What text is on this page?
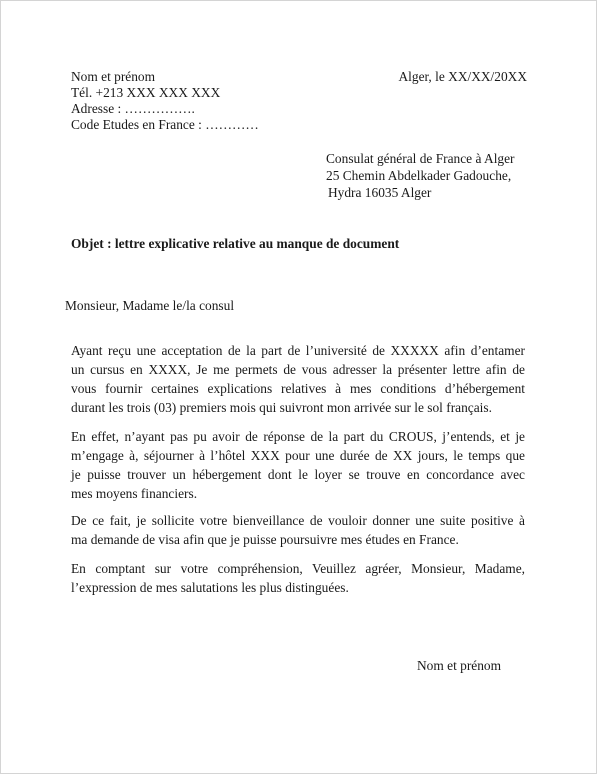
Nom et prénom
Tél. +213 XXX XXX XXX
Adresse : …………….
Code Etudes en France : …………
Alger, le XX/XX/20XX
Consulat général de France à Alger
25 Chemin Abdelkader Gadouche,
Hydra 16035 Alger
Objet : lettre explicative relative au manque de document
Monsieur, Madame le/la consul
Ayant reçu une acceptation de la part de l’université de XXXXX afin d’entamer
un cursus en XXXX, Je me permets de vous adresser la présenter lettre afin de
vous fournir certaines explications relatives à mes conditions d’hébergement
durant les trois (03) premiers mois qui suivront mon arrivée sur le sol français.
En effet, n’ayant pas pu avoir de réponse de la part du CROUS, j’entends, et je
m’engage à, séjourner à l’hôtel XXX pour une durée de XX jours, le temps que
je puisse trouver un hébergement dont le loyer se trouve en concordance avec
mes moyens financiers.
De ce fait, je sollicite votre bienveillance de vouloir donner une suite positive à
ma demande de visa afin que je puisse poursuivre mes études en France.
En comptant sur votre compréhension, Veuillez agréer, Monsieur, Madame,
l’expression de mes salutations les plus distinguées.
Nom et prénom
